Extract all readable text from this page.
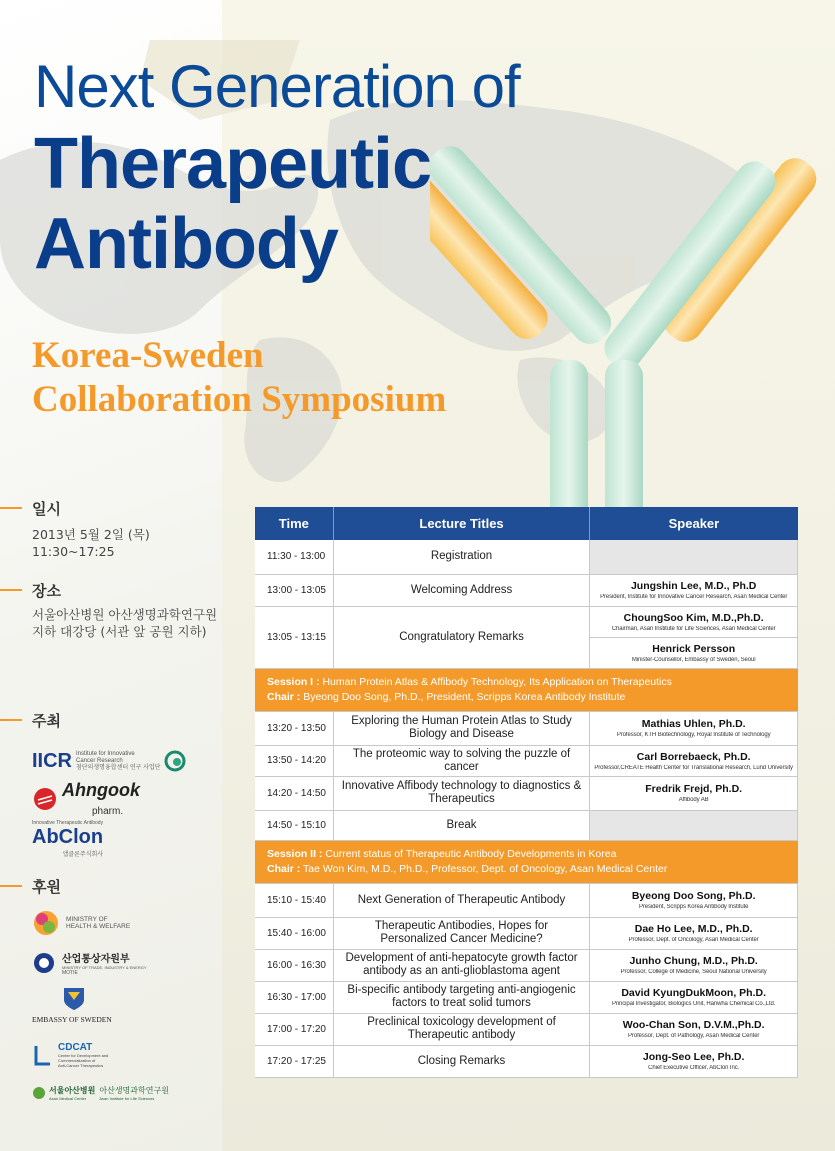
Next Generation of
Therapeutic
Antibody
Korea-Sweden
Collaboration Symposium
일시
2013년 5월 2일 (목) 11:30~17:25
장소
서울아산병원 아산생명과학연구원
지하 대강당 (서관 앞 공원 지하)
주최
IICR Institute for Innovative
Cancer Research
첨단의생명융합센터 연구 사업단
Ahngook
pharm.
Innovative Therapeutic Antibody
AbClon
앱클론주식회사
후원
MINISTRY OF
HEALTH & WELFARE
산업통상자원부
MINISTRY OF TRADE, INDUSTRY & ENERGY
MOTIE
EMBASSY OF SWEDEN
CDCAT
Center for Development and
Commercialization of
Anti-Cancer Therapeutics
서울아산병원
Asan Medical Center
아산생명과학연구원
Asan Institute for Life Sciences
Time	Lecture Titles	Speaker
11:30 - 13:00	Registration	
13:00 - 13:05	Welcoming Address	Jungshin Lee, M.D., Ph.D
President, Institute for Innovative Cancer Research, Asan Medical Center

13:05 - 13:15	Congratulatory Remarks	ChoungSoo Kim, M.D.,Ph.D.
Chairman, Asan Institute for Life Sciences, Asan Medical Center

		Henrick Persson
Minister-Counsellor, Embassy of Sweden, Seoul

Session I : Human Protein Atlas & Affibody Technology, Its Application on Therapeutics
Chair : Byeong Doo Song, Ph.D., President, Scripps Korea Antibody Institute		
13:20 - 13:50	Exploring the Human Protein Atlas to Study Biology and Disease	Mathias Uhlen, Ph.D.
Professor, KTH Biotechnology, Royal Institute of Technology

13:50 - 14:20	The proteomic way to solving the puzzle of cancer	Carl Borrebaeck, Ph.D.
Professor,CREATE Health Center for Translational Research, Lund University

14:20 - 14:50	Innovative Affibody technology to diagnostics & Therapeutics	Fredrik Frejd, Ph.D.
Affibody AB

14:50 - 15:10	Break	
Session II : Current status of Therapeutic Antibody Developments in Korea
Chair : Tae Won Kim, M.D., Ph.D., Professor, Dept. of Oncology, Asan Medical Center		
15:10 - 15:40	Next Generation of Therapeutic Antibody	Byeong Doo Song, Ph.D.
President, Scripps Korea Antibody Institute

15:40 - 16:00	Therapeutic Antibodies, Hopes for Personalized Cancer Medicine?	Dae Ho Lee, M.D., Ph.D.
Professor, Dept. of Oncology, Asan Medical Center

16:00 - 16:30	Development of anti-hepatocyte growth factor antibody as an anti-glioblastoma agent	Junho Chung, M.D., Ph.D.
Professor, College of Medicine, Seoul National University

16:30 - 17:00	Bi-specific antibody targeting anti-angiogenic factors to treat solid tumors	David KyungDukMoon, Ph.D.
Principal Investigator, Biologics Unit, Hanwha Chemical Co.,Ltd.

17:00 - 17:20	Preclinical toxicology development of Therapeutic antibody	Woo-Chan Son, D.V.M.,Ph.D.
Professor, Dept. of Pathology, Asan Medical Center

17:20 - 17:25	Closing Remarks	Jong-Seo Lee, Ph.D.
Chief Executive Officer, AbClon Inc.
